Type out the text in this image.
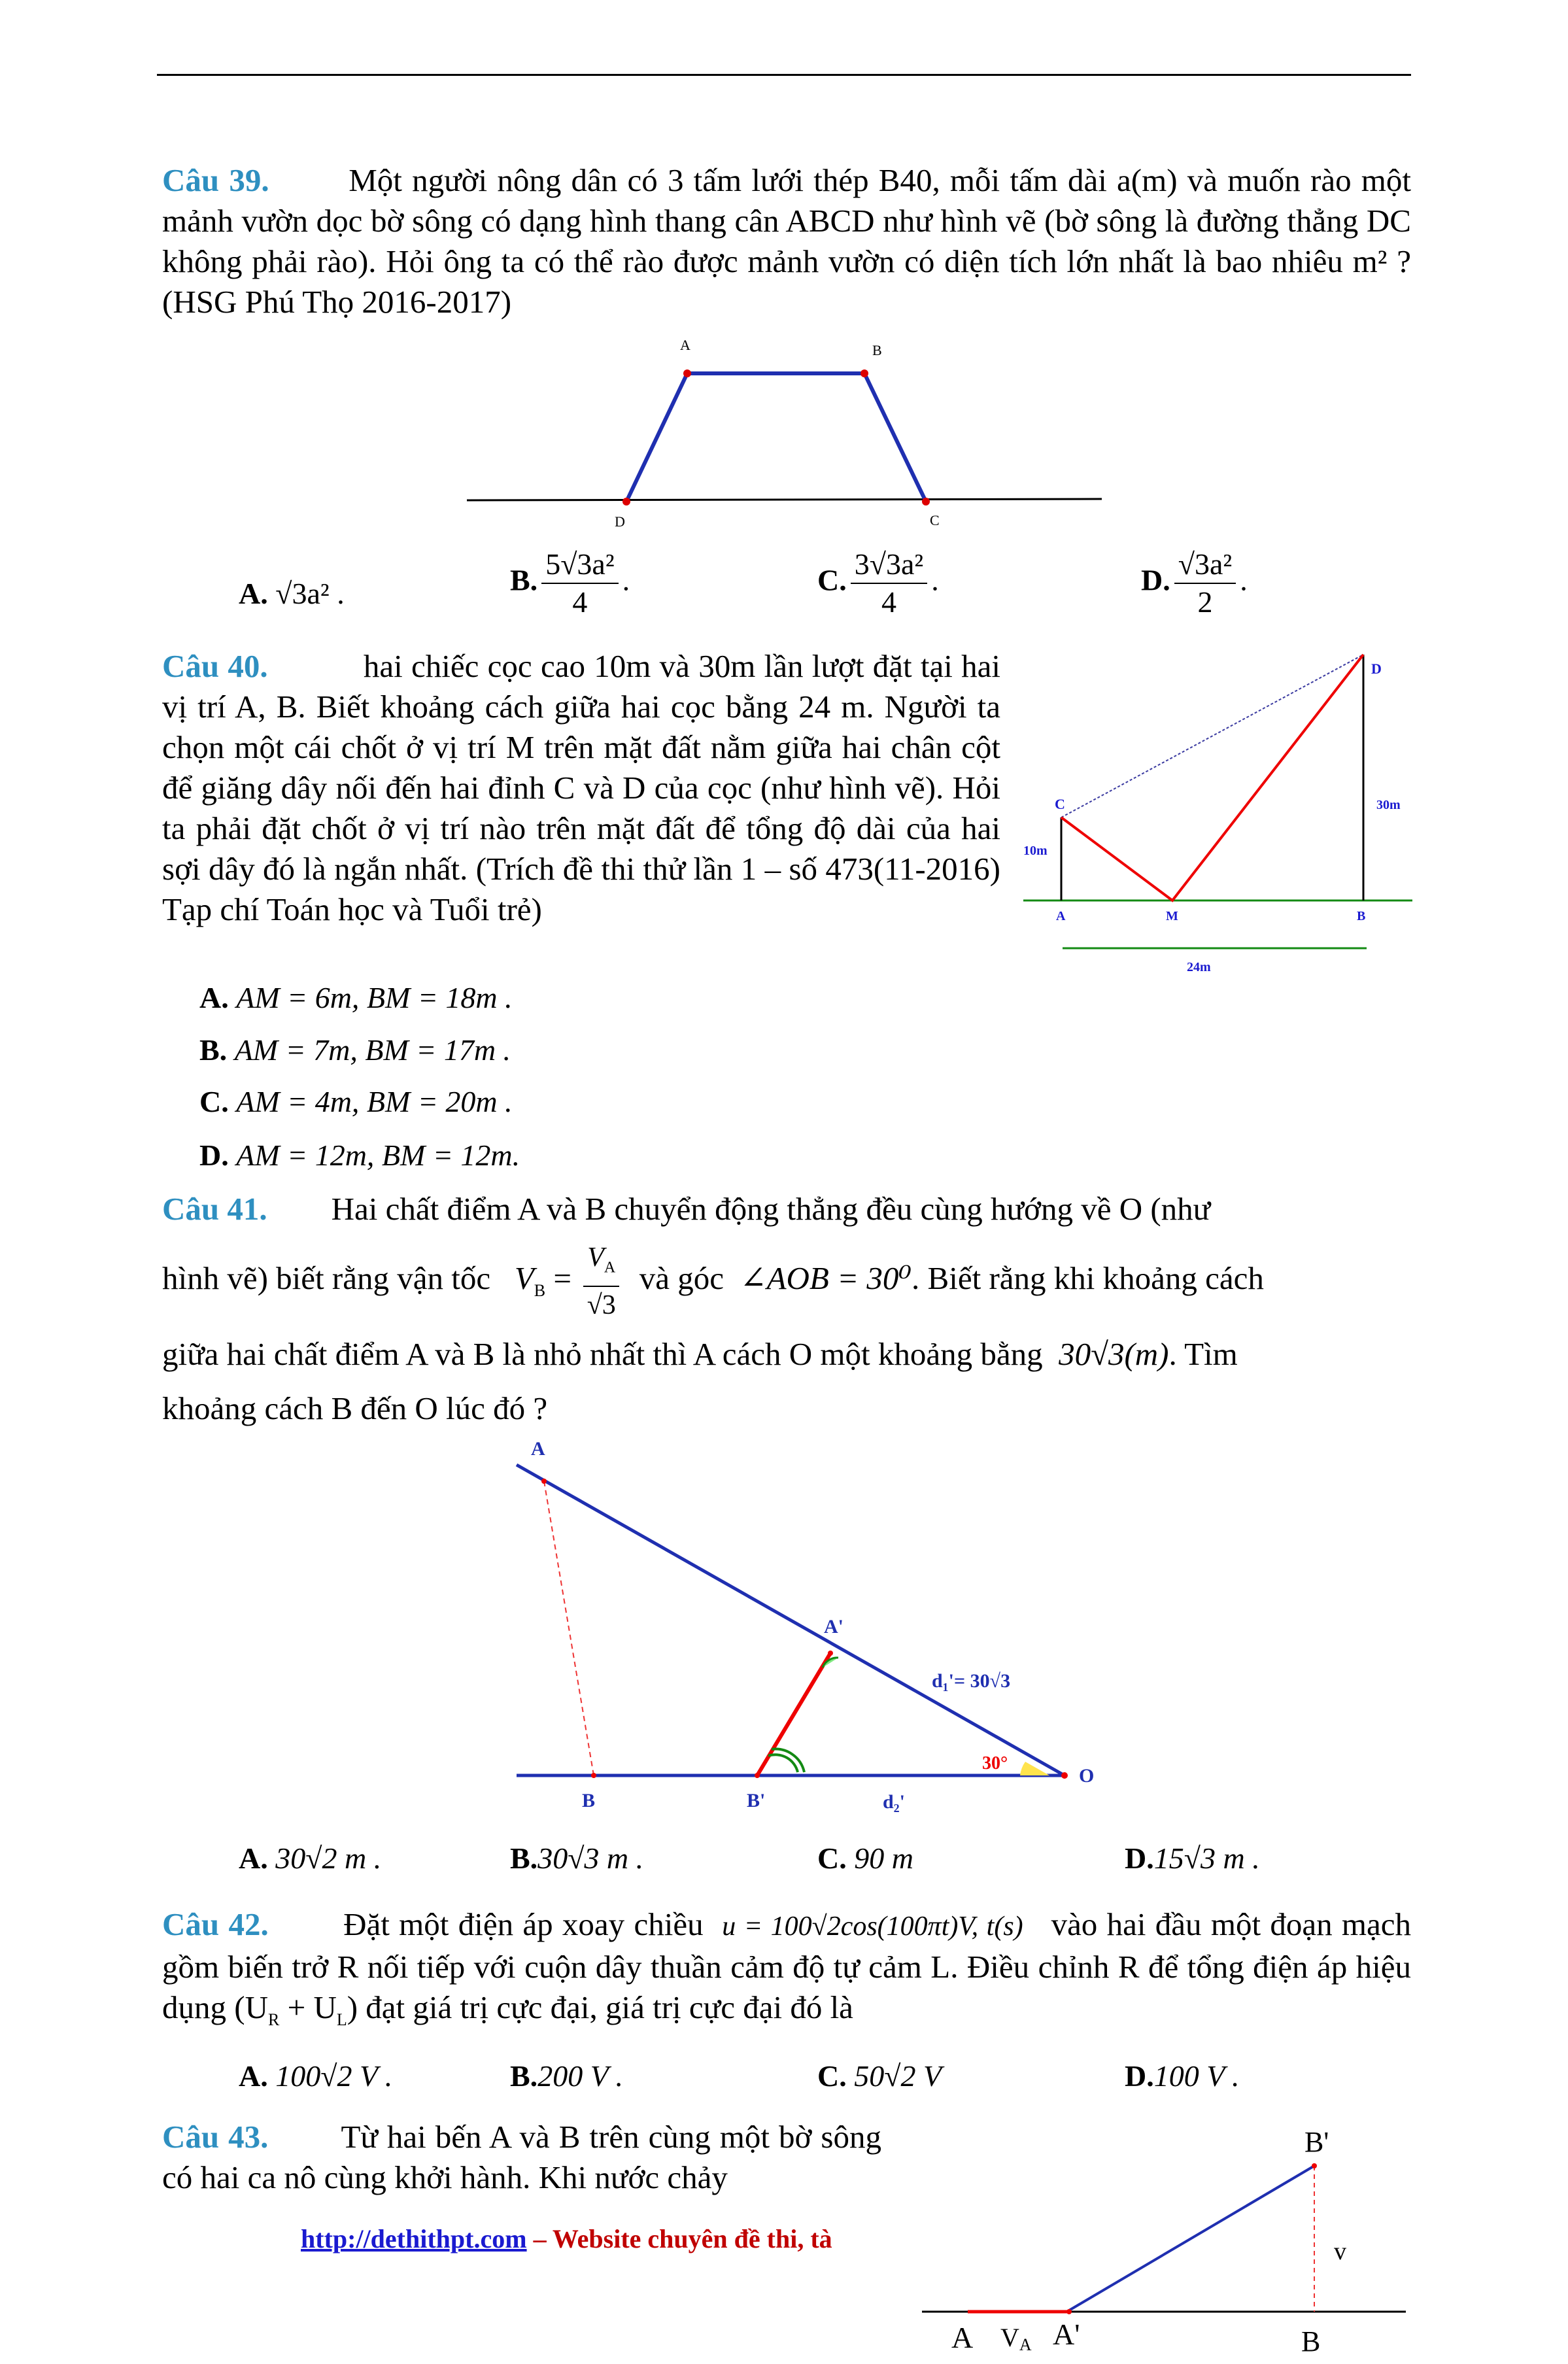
Câu 39. Một người nông dân có 3 tấm lưới thép B40, mỗi tấm dài a(m) và muốn rào một mảnh vườn dọc bờ sông có dạng hình thang cân ABCD như hình vẽ (bờ sông là đường thẳng DC không phải rào). Hỏi ông ta có thể rào được mảnh vườn có diện tích lớn nhất là bao nhiêu m² ? (HSG Phú Thọ 2016-2017)
A	B
D	C
A. √3a² .	B. $\frac{\text{5√3a²}}{4}$ .	C. $\frac{\text{3√3a²}}{4}$ .	D. $\frac{\text{√3a²}}{2}$ .
Câu 40.	hai chiếc cọc cao 10m và 30m lần lượt đặt tại hai vị trí A, B. Biết khoảng cách giữa hai cọc bằng 24 m. Người ta chọn một cái chốt ở vị trí M trên mặt đất nằm giữa hai chân cột để giăng dây nối đến hai đỉnh C và D của cọc (như hình vẽ). Hỏi ta phải đặt chốt ở vị trí nào trên mặt đất để tổng độ dài của hai sợi dây đó là ngắn nhất. (Trích đề thi thử lần 1 – số 473(11-2016) Tạp chí Toán học và Tuổi trẻ)
D
C	30m
10m
A	M	B
24m
A. AM = 6m, BM = 18m .
B. AM = 7m, BM = 17m .
C. AM = 4m, BM = 20m .
D. AM = 12m, BM = 12m.
Câu 41. Hai chất điểm A và B chuyển động thẳng đều cùng hướng về O (như
hình vẽ) biết rằng vận tốc $V_B = \frac{V_A}{√3}$ và góc ∠AOB = 30⁰. Biết rằng khi khoảng cách
giữa hai chất điểm A và B là nhỏ nhất thì A cách O một khoảng bằng 30√3(m). Tìm
khoảng cách B đến O lúc đó ?
A
A'
d₁'= 30√3
30°
O
B	B'	d₂'
A. 30√2 m .	B.30√3 m .	C. 90 m	D.15√3 m .
Câu 42. Đặt một điện áp xoay chiều u = 100√2cos(100πt)V, t(s) vào hai đầu một đoạn mạch gồm biến trở R nối tiếp với cuộn dây thuần cảm độ tự cảm L. Điều chỉnh R để tổng điện áp hiệu dụng $(U_R + U_L)$ đạt giá trị cực đại, giá trị cực đại đó là
A. 100√2 V .	B.200 V .	C. 50√2 V	D.100 V .
Câu 43. Từ hai bến A và B trên cùng một bờ sông có hai ca nô cùng khởi hành. Khi nước chảy
B'
v
A VA A'	B
http://dethithpt.com – Website chuyên đề thi, tà
